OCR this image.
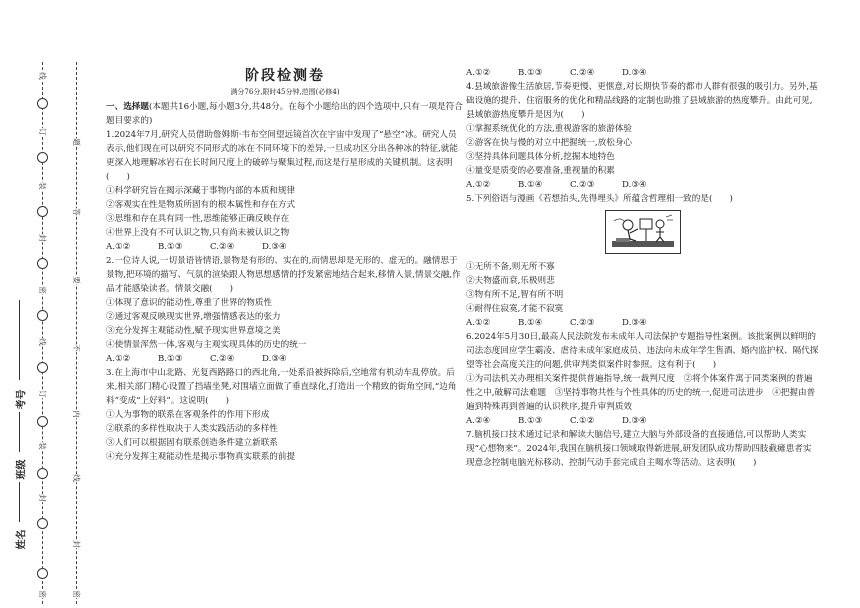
线
订
装
封
密
线
订
装
封
密
题
答
要
不
内
线
封
密
考号
班级
姓名

阶段检测卷

满分76分,限时45分钟,范围(必修4)

一、选择题(本题共16小题,每小题3分,共48分。在每个小题给出的四个选项中,只有一项是符合题目要求的)

1.2024年7月,研究人员借助詹姆斯·韦布空间望远镜首次在宇宙中发现了“悬空”冰。研究人员表示,他们现在可以研究不同形式的冰在不同环境下的差异,一旦成功区分出各种冰的特征,就能更深入地理解冰岩石在长时间尺度上的破碎与聚集过程,而这是行星形成的关键机制。这表明(　　)

①科学研究旨在揭示深藏于事物内部的本质和规律

②客观实在性是物质所固有的根本属性和存在方式

③思维和存在具有同一性,思维能够正确反映存在

④世界上没有不可认识之物,只有尚未被认识之物

A.①②	B.①③	C.②④	D.③④

2.一位诗人说,一切景语皆情语,景物是有形的、实在的,而情思却是无形的、虚无的。融情思于景物,把环境的描写、气氛的渲染跟人物思想感情的抒发紧密地结合起来,移情入景,情景交融,作品才能感染读者。情景交融(　　)

①体现了意识的能动性,尊重了世界的物质性

②通过客观反映现实世界,增强情感表达的张力

③充分发挥主观能动性,赋予现实世界意境之美

④使情景浑然一体,客观与主观实现具体的历史的统一

A.①②	B.①③	C.②④	D.③④

3.在上海市中山北路、光复西路路口的西北角,一处系沿被拆除后,空地常有机动车乱停放。后来,相关部门精心设置了挡墙坐凳,对围墙立面做了垂直绿化,打造出一个精致的街角空间,“边角料”变成“上好料”。这说明(　　)

①人为事物的联系在客观条件的作用下形成

②联系的多样性取决于人类实践活动的多样性

③人们可以根据固有联系创造条件建立新联系

④充分发挥主观能动性是揭示事物真实联系的前提

A.①②	B.①③	C.②④	D.③④

4.县域旅游像生活旅居,节奏更慢、更惬意,对长期快节奏的都市人群有很强的吸引力。另外,基础设施的提升、住宿服务的优化和精品线路的定制也助推了县域旅游的热度攀升。由此可见,县域旅游热度攀升是因为(　　)

①掌握系统优化的方法,重视游客的旅游体验

②游客在快与慢的对立中把握统一,放松身心

③坚持具体问题具体分析,挖掘本地特色

④量变是质变的必要准备,重视量的积累

A.①②	B.①④	C.②③	D.③④

5.下列俗语与漫画《若想抬头,先得埋头》所蕴含哲理相一致的是(　　)

①无所不备,则无所不寡

②夫物盛而衰,乐极则悲

③物有所不足,智有所不明

④耐得住寂寞,才能不寂寞

A.①②	B.①④	C.②③	D.③④

6.2024年5月30日,最高人民法院发布未成年人司法保护专题指导性案例。该批案例以鲜明的司法态度回应学生霸凌、虐待未成年家庭成员、违法向未成年学生售酒、婚内监护权、隔代探望等社会高度关注的问题,供审判类似案件时参照。这有利于(　　)

①为司法机关办理相关案件提供普遍指导,统一裁判尺度　②将个体案件寓于同类案例的普遍性之中,破解司法难题　③坚持事物共性与个性具体的历史的统一,促进司法进步　④把握由普遍到特殊再到普遍的认识秩序,提升审判质效

A.②④	B.①③	C.①②	D.③④

7.脑机接口技术通过记录和解读大脑信号,建立大脑与外部设备的直接通信,可以帮助人类实现“心想物来”。2024年,我国在脑机接口领域取得新进展,研发团队成功帮助四肢截瘫患者实现意念控制电脑光标移动、控制气动手套完成自主喝水等活动。这表明(　　)
